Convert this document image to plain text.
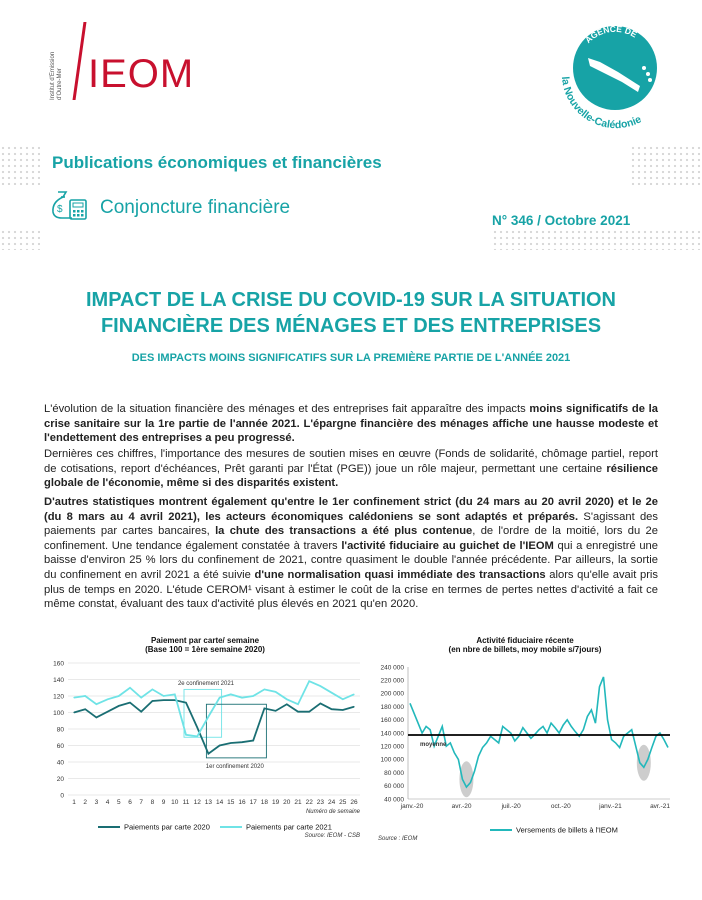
Institut d'Émission d'Outre-Mer IEOM
AGENCE DE
la Nouvelle-Calédonie
Publications économiques et financières
$ Conjoncture financière
N° 346 / Octobre 2021
IMPACT DE LA CRISE DU COVID-19 SUR LA SITUATION
FINANCIÈRE DES MÉNAGES ET DES ENTREPRISES
DES IMPACTS MOINS SIGNIFICATIFS SUR LA PREMIÈRE PARTIE DE L'ANNÉE 2021
L'évolution de la situation financière des ménages et des entreprises fait apparaître des impacts moins significatifs de la crise sanitaire sur la 1re partie de l'année 2021. L'épargne financière des ménages affiche une hausse modeste et l'endettement des entreprises a peu progressé.
Dernières ces chiffres, l'importance des mesures de soutien mises en œuvre (Fonds de solidarité, chômage partiel, report de cotisations, report d'échéances, Prêt garanti par l'État (PGE)) joue un rôle majeur, permettant une certaine résilience globale de l'économie, même si des disparités existent.
D'autres statistiques montrent également qu'entre le 1er confinement strict (du 24 mars au 20 avril 2020) et le 2e (du 8 mars au 4 avril 2021), les acteurs économiques calédoniens se sont adaptés et préparés. S'agissant des paiements par cartes bancaires, la chute des transactions a été plus contenue, de l'ordre de la moitié, lors du 2e confinement. Une tendance également constatée à travers l'activité fiduciaire au guichet de l'IEOM qui a enregistré une baisse d'environ 25 % lors du confinement de 2021, contre quasiment le double l'année précédente. Par ailleurs, la sortie du confinement en avril 2021 a été suivie d'une normalisation quasi immédiate des transactions alors qu'elle avait pris plus de temps en 2020. L'étude CEROM¹ visant à estimer le coût de la crise en termes de pertes nettes d'activité a fait ce même constat, évaluant des taux d'activité plus élevés en 2021 qu'en 2020.
Paiement par carte/ semaine
(Base 100 = 1ère semaine 2020)
0
20
40
60
80
100
120
140
160
1 2 3 4 5 6 7 8 9 10 11 12 13 14 15 16 17 18 19 20 21 22 23 24 25 26
Numéro de semaine
2e confinement 2021
1er confinement 2020
Paiements par carte 2020	Paiements par carte 2021
Source: IEOM - CSB
Activité fiduciaire récente
(en nbre de billets, moy mobile s/7jours)
40 000
60 000
80 000
100 000
120 000
140 000
160 000
180 000
200 000
220 000
240 000
janv.-20	avr.-20	juil.-20	oct.-20	janv.-21	avr.-21
moyenne
Versements de billets à l'IEOM
Source : IEOM
